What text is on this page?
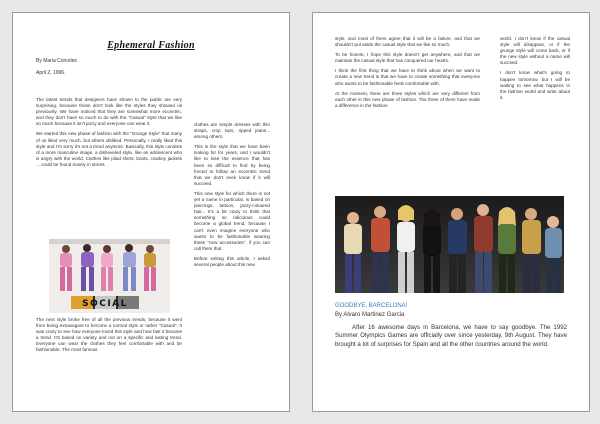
Ephemeral Fashion
By Maria Corcoles
April 2, 1996.

The latest trends that designers have shown to the public are very surprising, because these don't look like the styles they showed us previously. We have noticed that they are somewhat more eccentric, and they don't have so much to do with the "Casual" style that we like so much because it isn't jazzy and everyone can wear it.

We started this new phase of fashion with the "Grunge Style" that many of us liked very much, but others disliked. Personally, I really liked this style and I'm sorry it's not a trend anymore. Basically, this style consists of a more masculine image, a disheveled style, like an adolescent who is angry with the world. Clothes like plaid shirts, boots, cowboy jackets ... could be found mainly in stores.

SOCIAL

The next style broke free of all the previous trends, because it went from being extravagant to become a normal style or rather "Casual". It was crazy to see how everyone loved this style and how fast it became a trend. It's based on variety and not on a specific and lasting trend. Everyone can wear the clothes they feel comfortable with and be fashionable. The most famous

clothes are simple dresses with thin straps, crop tops, ripped jeans... among others.

This is the style that we have been looking for for years, and I wouldn't like to lose the essence that has been so difficult to find by being forced to follow an eccentric trend that we don't even know if it will succeed.

This new style for which there is not yet a name in particular, is based on piercings, tattoos, jazzy-coloured hair... It's a bit crazy to think that something so ridiculous could become a global trend, because I can't even imagine everyone who wants to be fashionable wearing these "new accessories", if you can call them that.

Before writing this article, I asked several people about this new

style, and most of them agree that it will be a failure, and that we shouldn't put aside the casual style that we like so much.

To be honest, I hope this style doesn't get anywhere, and that we maintain the casual style that has conquered our hearts.

I think the first thing that we have to think about when we want to create a new trend is that we have to create something that everyone who wants to be fashionable feels comfortable with.

At the moment, there are three styles which are very different from each other in this new phase of fashion. The three of them have made a difference in the fashion

world. I don't know if the casual style will disappear, or if the grunge style will come back, or if the new style without a name will succeed.

I don't know what's going to happen tomorrow, but I will be waiting to see what happens in the fashion world and write about it.

GOODBYE, BARCELONA!
By Alvaro Martinez Garcia
After 16 awesome days in Barcelona, we have to say goodbye. The 1992 Summer Olympics Games are officially over since yesterday, 9th August. They have brought a lot of surprises for Spain and all the other countries around the world.
